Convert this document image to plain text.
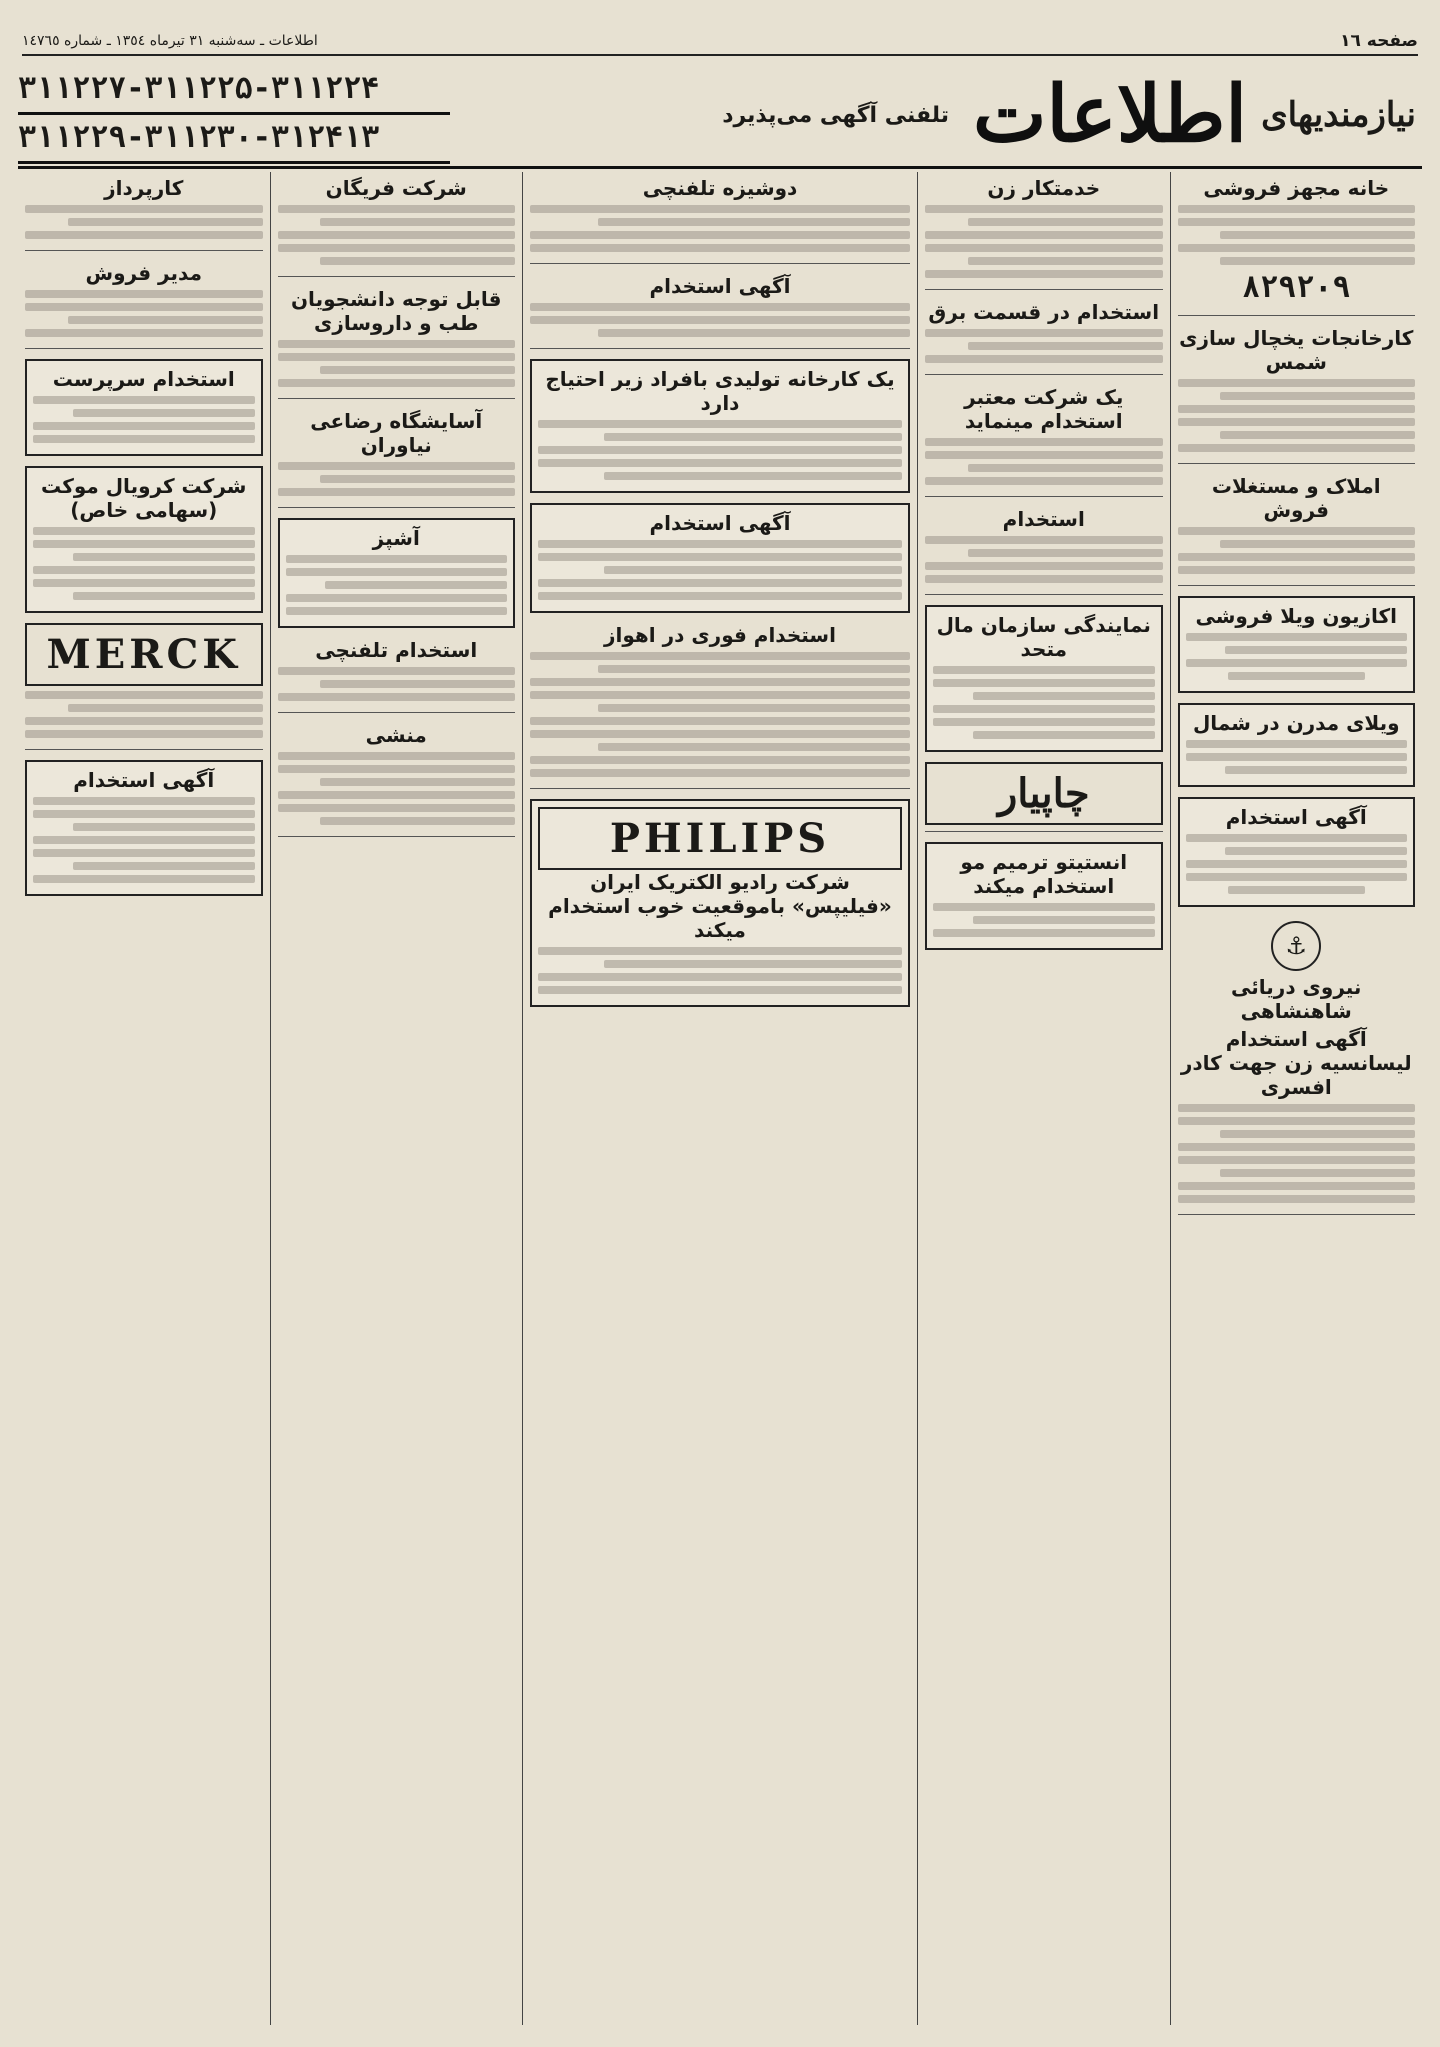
صفحه ١٦
اطلاعات ـ سه‌شنبه ٣١ تیرماه ١٣٥٤ ـ شماره ١٤٧٦٥
نیازمندیهای
اطلاعات
تلفنی آگهی می‌پذیرد
۳۱۱۲۲۷-۳۱۱۲۲۵-۳۱۱۲۲۴
۳۱۱۲۲۹-۳۱۱۲۳۰-۳۱۲۴۱۳
خانه مجهز فروشی
۸۲۹۲۰۹
کارخانجات یخچال سازی شمس
املاک و مستغلات فروش
اکازیون ویلا فروشی
ویلای مدرن در شمال
آگهی استخدام
⚓
نیروی دریائی شاهنشاهی
آگهی استخدام لیسانسیه زن جهت کادر افسری
خدمتکار زن
استخدام در قسمت برق
یک شرکت معتبر استخدام مینماید
استخدام
نمایندگی سازمان مال متحد
چاپیار
انستیتو ترمیم مو استخدام میکند
دوشیزه تلفنچی
آگهی استخدام
یک کارخانه تولیدی بافراد زیر احتیاج دارد
آگهی استخدام
استخدام فوری در اهواز
PHILIPS
شرکت رادیو الکتریک ایران «فیلیپس» باموقعیت خوب استخدام میکند
شرکت فریگان
قابل توجه دانشجویان طب و داروسازی
آسایشگاه رضاعی نیاوران
آشپز
استخدام تلفنچی
منشی
کارپرداز
مدیر فروش
استخدام سرپرست
شرکت کرویال موکت (سهامی خاص)
MERCK
آگهی استخدام
